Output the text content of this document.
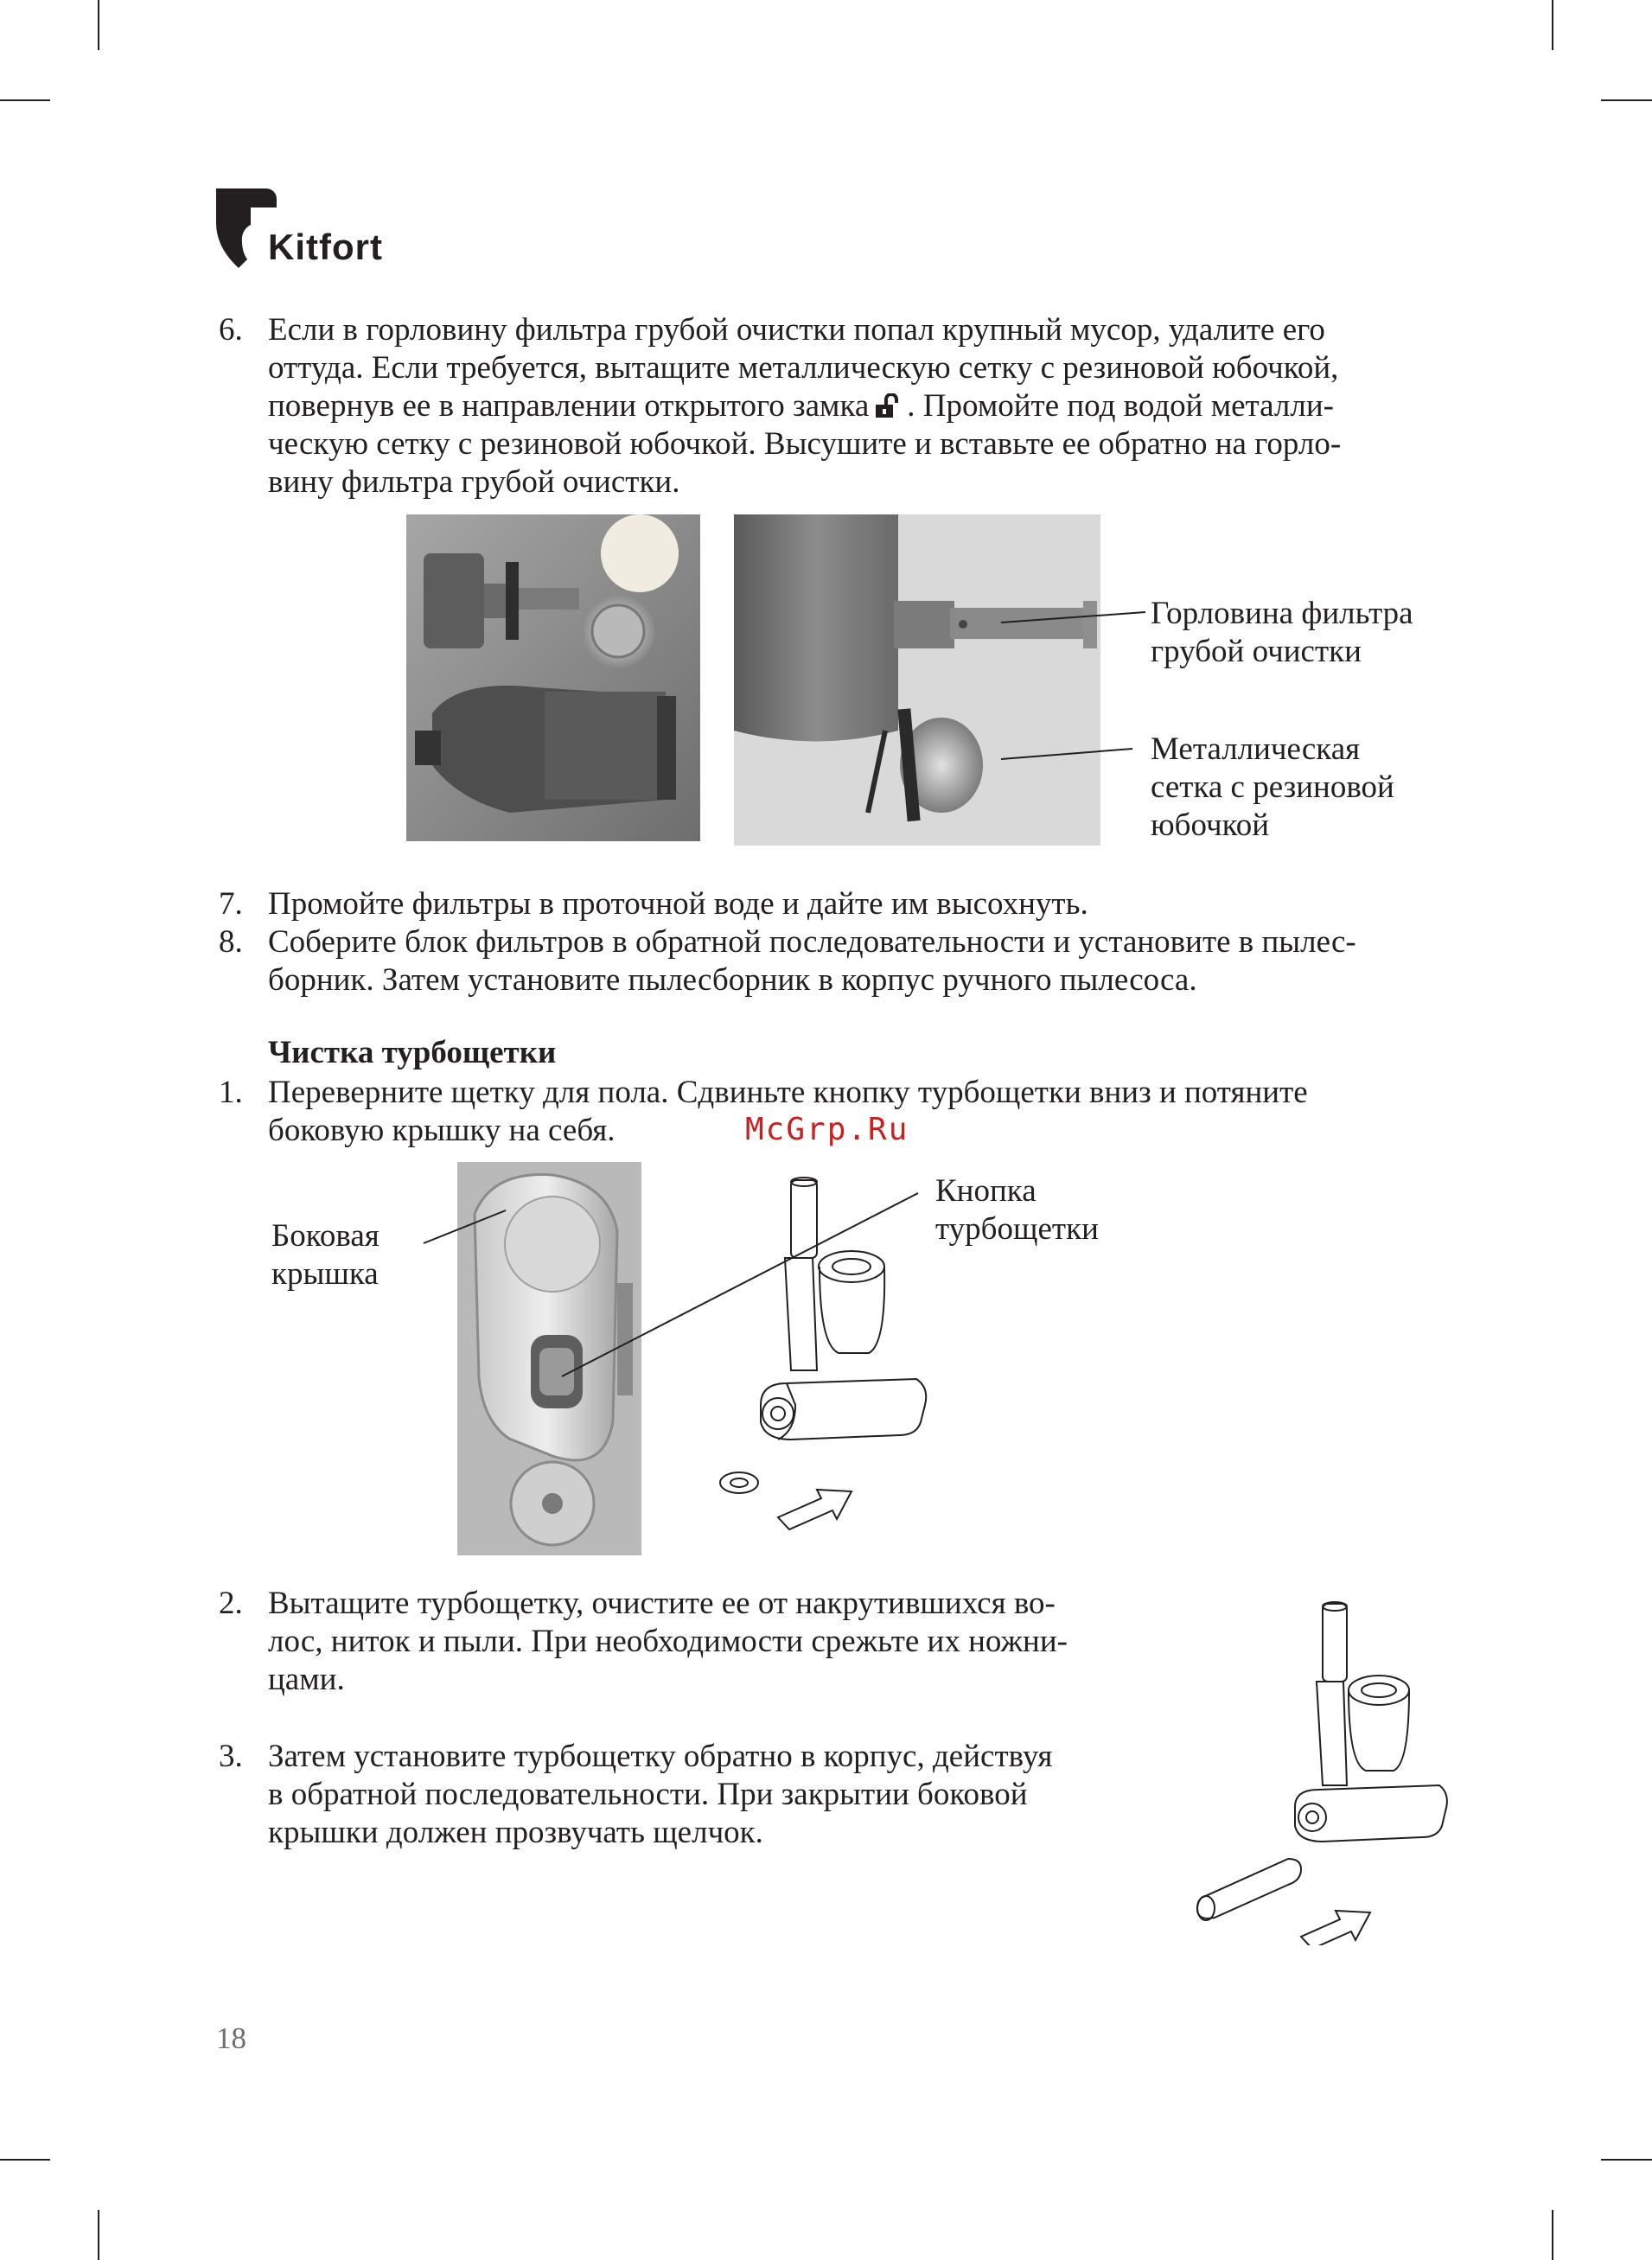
Kitfort
6. Если в горловину фильтра грубой очистки попал крупный мусор, удалите его
оттуда. Если требуется, вытащите металлическую сетку с резиновой юбочкой,
повернув ее в направлении открытого замка . Промойте под водой металли-
ческую сетку с резиновой юбочкой. Высушите и вставьте ее обратно на горло-
вину фильтра грубой очистки.
Горловина фильтра
грубой очистки
Металлическая
сетка с резиновой
юбочкой
7. Промойте фильтры в проточной воде и дайте им высохнуть.
8. Соберите блок фильтров в обратной последовательности и установите в пылес-
борник. Затем установите пылесборник в корпус ручного пылесоса.
Чистка турбощетки
1. Переверните щетку для пола. Сдвиньте кнопку турбощетки вниз и потяните
боковую крышку на себя.	McGrp.Ru
Боковая
крышка
Кнопка
турбощетки
2. Вытащите турбощетку, очистите ее от накрутившихся во-
лос, ниток и пыли. При необходимости срежьте их ножни-
цами.
3. Затем установите турбощетку обратно в корпус, действуя
в обратной последовательности. При закрытии боковой
крышки должен прозвучать щелчок.
18
